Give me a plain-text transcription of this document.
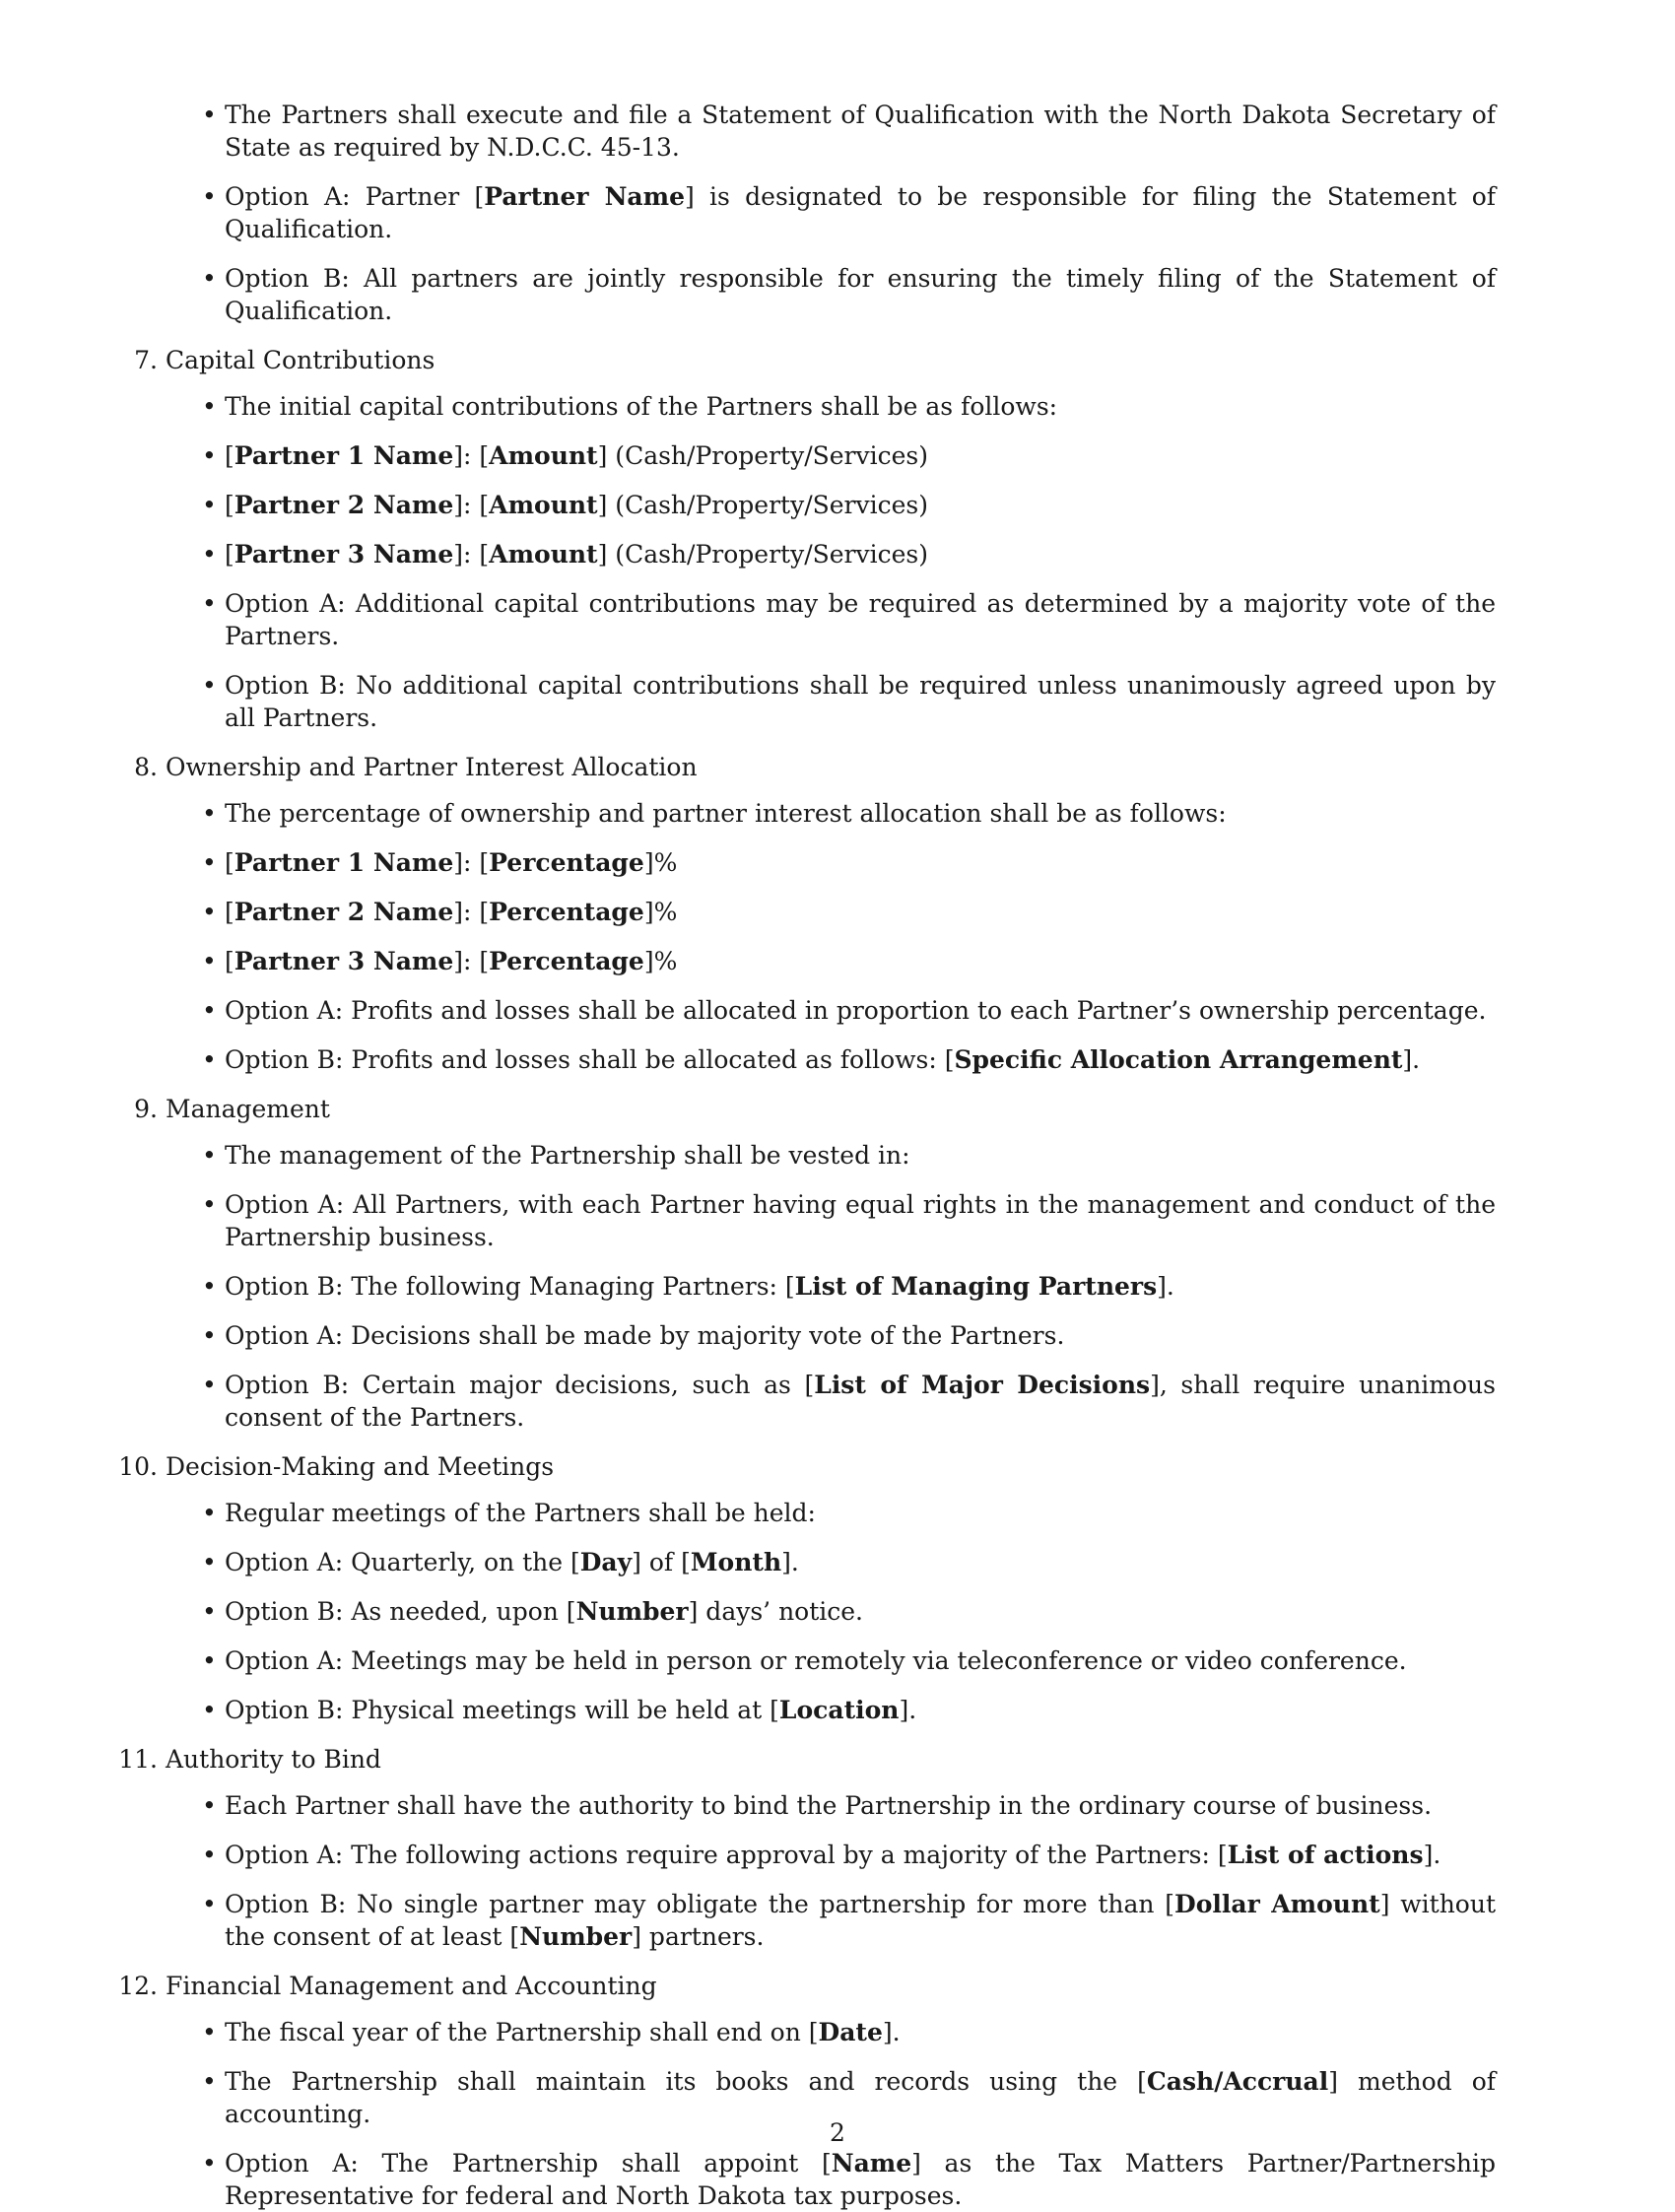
• The Partners shall execute and file a Statement of Qualification with the North Dakota Secretary of State as required by N.D.C.C. 45-13.
• Option A: Partner [Partner Name] is designated to be responsible for filing the Statement of Qualification.
• Option B: All partners are jointly responsible for ensuring the timely filing of the Statement of Qualification.
7. Capital Contributions
• The initial capital contributions of the Partners shall be as follows:
• [Partner 1 Name]: [Amount] (Cash/Property/Services)
• [Partner 2 Name]: [Amount] (Cash/Property/Services)
• [Partner 3 Name]: [Amount] (Cash/Property/Services)
• Option A: Additional capital contributions may be required as determined by a majority vote of the Partners.
• Option B: No additional capital contributions shall be required unless unanimously agreed upon by all Partners.
8. Ownership and Partner Interest Allocation
• The percentage of ownership and partner interest allocation shall be as follows:
• [Partner 1 Name]: [Percentage]%
• [Partner 2 Name]: [Percentage]%
• [Partner 3 Name]: [Percentage]%
• Option A: Profits and losses shall be allocated in proportion to each Partner’s ownership percentage.
• Option B: Profits and losses shall be allocated as follows: [Specific Allocation Arrangement].
9. Management
• The management of the Partnership shall be vested in:
• Option A: All Partners, with each Partner having equal rights in the management and conduct of the Partnership business.
• Option B: The following Managing Partners: [List of Managing Partners].
• Option A: Decisions shall be made by majority vote of the Partners.
• Option B: Certain major decisions, such as [List of Major Decisions], shall require unanimous consent of the Partners.
10. Decision-Making and Meetings
• Regular meetings of the Partners shall be held:
• Option A: Quarterly, on the [Day] of [Month].
• Option B: As needed, upon [Number] days’ notice.
• Option A: Meetings may be held in person or remotely via teleconference or video conference.
• Option B: Physical meetings will be held at [Location].
11. Authority to Bind
• Each Partner shall have the authority to bind the Partnership in the ordinary course of business.
• Option A: The following actions require approval by a majority of the Partners: [List of actions].
• Option B: No single partner may obligate the partnership for more than [Dollar Amount] without the consent of at least [Number] partners.
12. Financial Management and Accounting
• The fiscal year of the Partnership shall end on [Date].
• The Partnership shall maintain its books and records using the [Cash/Accrual] method of accounting.
• Option A: The Partnership shall appoint [Name] as the Tax Matters Partner/Partnership Representative for federal and North Dakota tax purposes.
2
